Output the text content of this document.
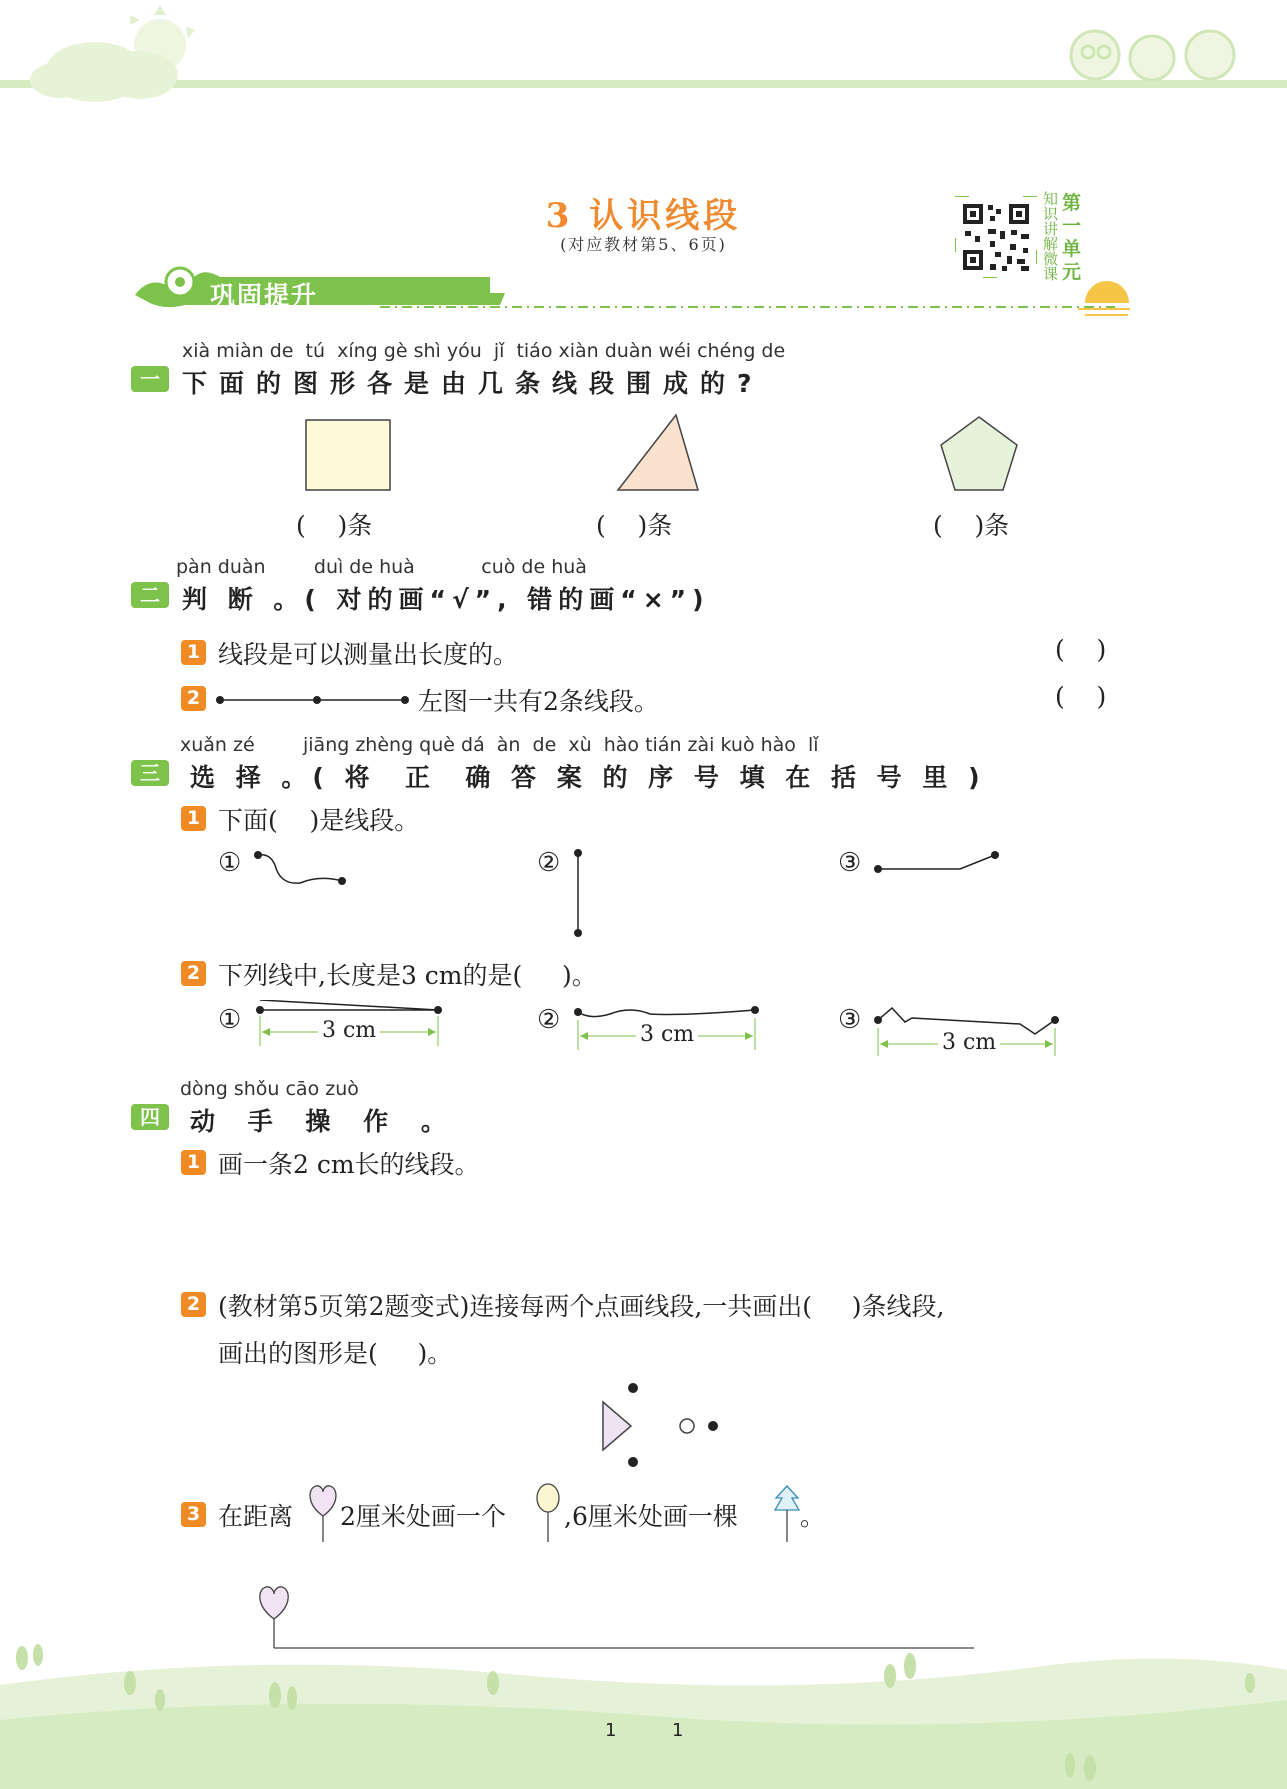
3 认识线段
(对应教材第5、6页)
知识讲解微课
第一单元
巩固提升
xià miàn de  tú  xíng gè shì yóu  jǐ  tiáo xiàn duàn wéi chéng de
一 下面的图形各是由几条线段围成的?
(    )条	(    )条	(    )条
pàn duàn        duì de huà           cuò de huà
二 判 断 。( 对的画“√”, 错的画“×”)
1 线段是可以测量出长度的。	(    )
2	左图一共有2条线段。	(    )
xuǎn zé        jiāng zhèng què dá  àn  de  xù  hào tián zài kuò hào  lǐ
三	选 择 。( 将  正  确 答 案 的 序 号 填 在 括 号 里 )
1 下面(    )是线段。
①	②	③
2 下列线中,长度是3 cm的是(     )。
①	3 cm	②	3 cm	③
3 cm
dòng shǒu cāo zuò
四	动 手 操 作 。
1 画一条2 cm长的线段。
2 (教材第5页第2题变式)连接每两个点画线段,一共画出(     )条线段,
画出的图形是(     )。
3 在距离 2厘米处画一个 ,6厘米处画一棵 。
1	1
